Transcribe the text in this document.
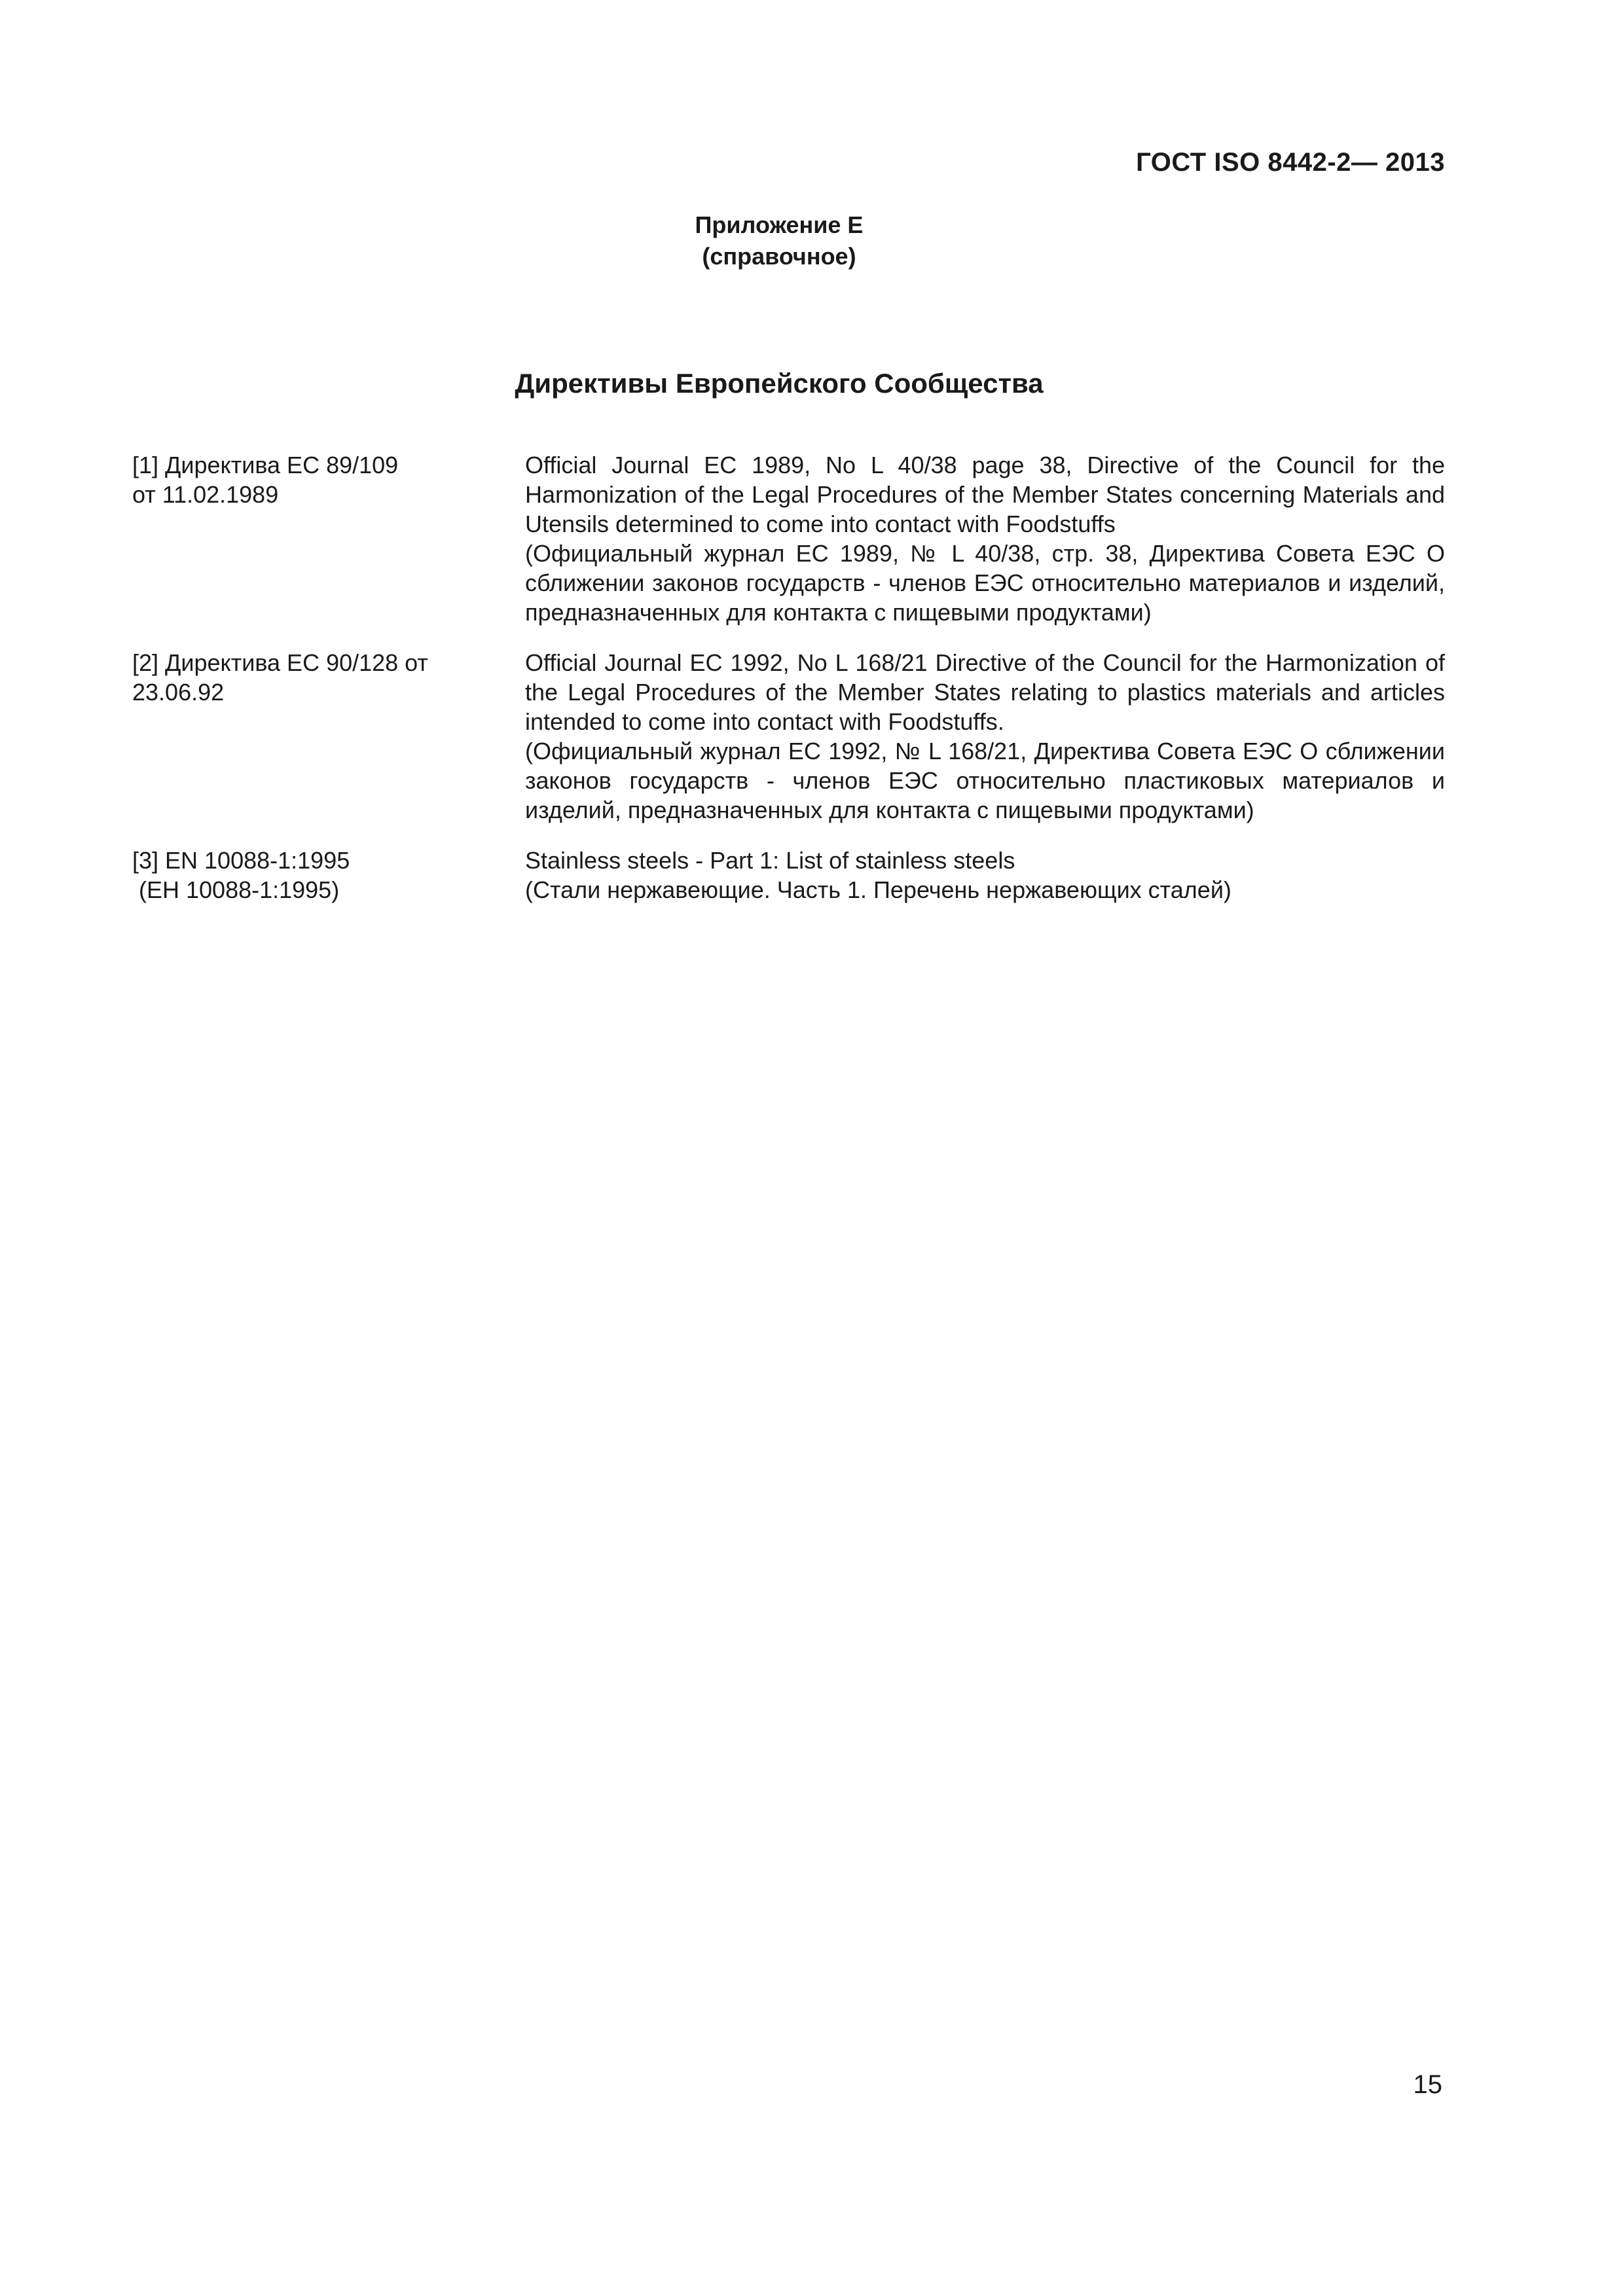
ГОСТ ISO 8442-2— 2013
Приложение Е
(справочное)
Директивы Европейского Сообщества
[1] Директива ЕС 89/109
от 11.02.1989

Official Journal EC 1989, No L 40/38 page 38, Directive of the Council for the Harmonization of the Legal Procedures of the Member States concerning Materials and Utensils determined to come into contact with Foodstuffs

(Официальный журнал ЕС 1989, № L 40/38, стр. 38, Директива Совета ЕЭС О сближении законов государств - членов ЕЭС относительно материалов и изделий, предназначенных для контакта с пищевыми продуктами)

[2] Директива ЕС 90/128 от
23.06.92

Official Journal EC 1992, No L 168/21 Directive of the Council for the Harmonization of the Legal Procedures of the Member States relating to plastics materials and articles intended to come into contact with Foodstuffs.

(Официальный журнал ЕС 1992, № L 168/21, Директива Совета ЕЭС О сближении законов государств - членов ЕЭС относительно пластиковых материалов и изделий, предназначенных для контакта с пищевыми продуктами)

[3] EN 10088-1:1995
(ЕН 10088-1:1995)

Stainless steels - Part 1: List of stainless steels

(Стали нержавеющие. Часть 1. Перечень нержавеющих сталей)

15
